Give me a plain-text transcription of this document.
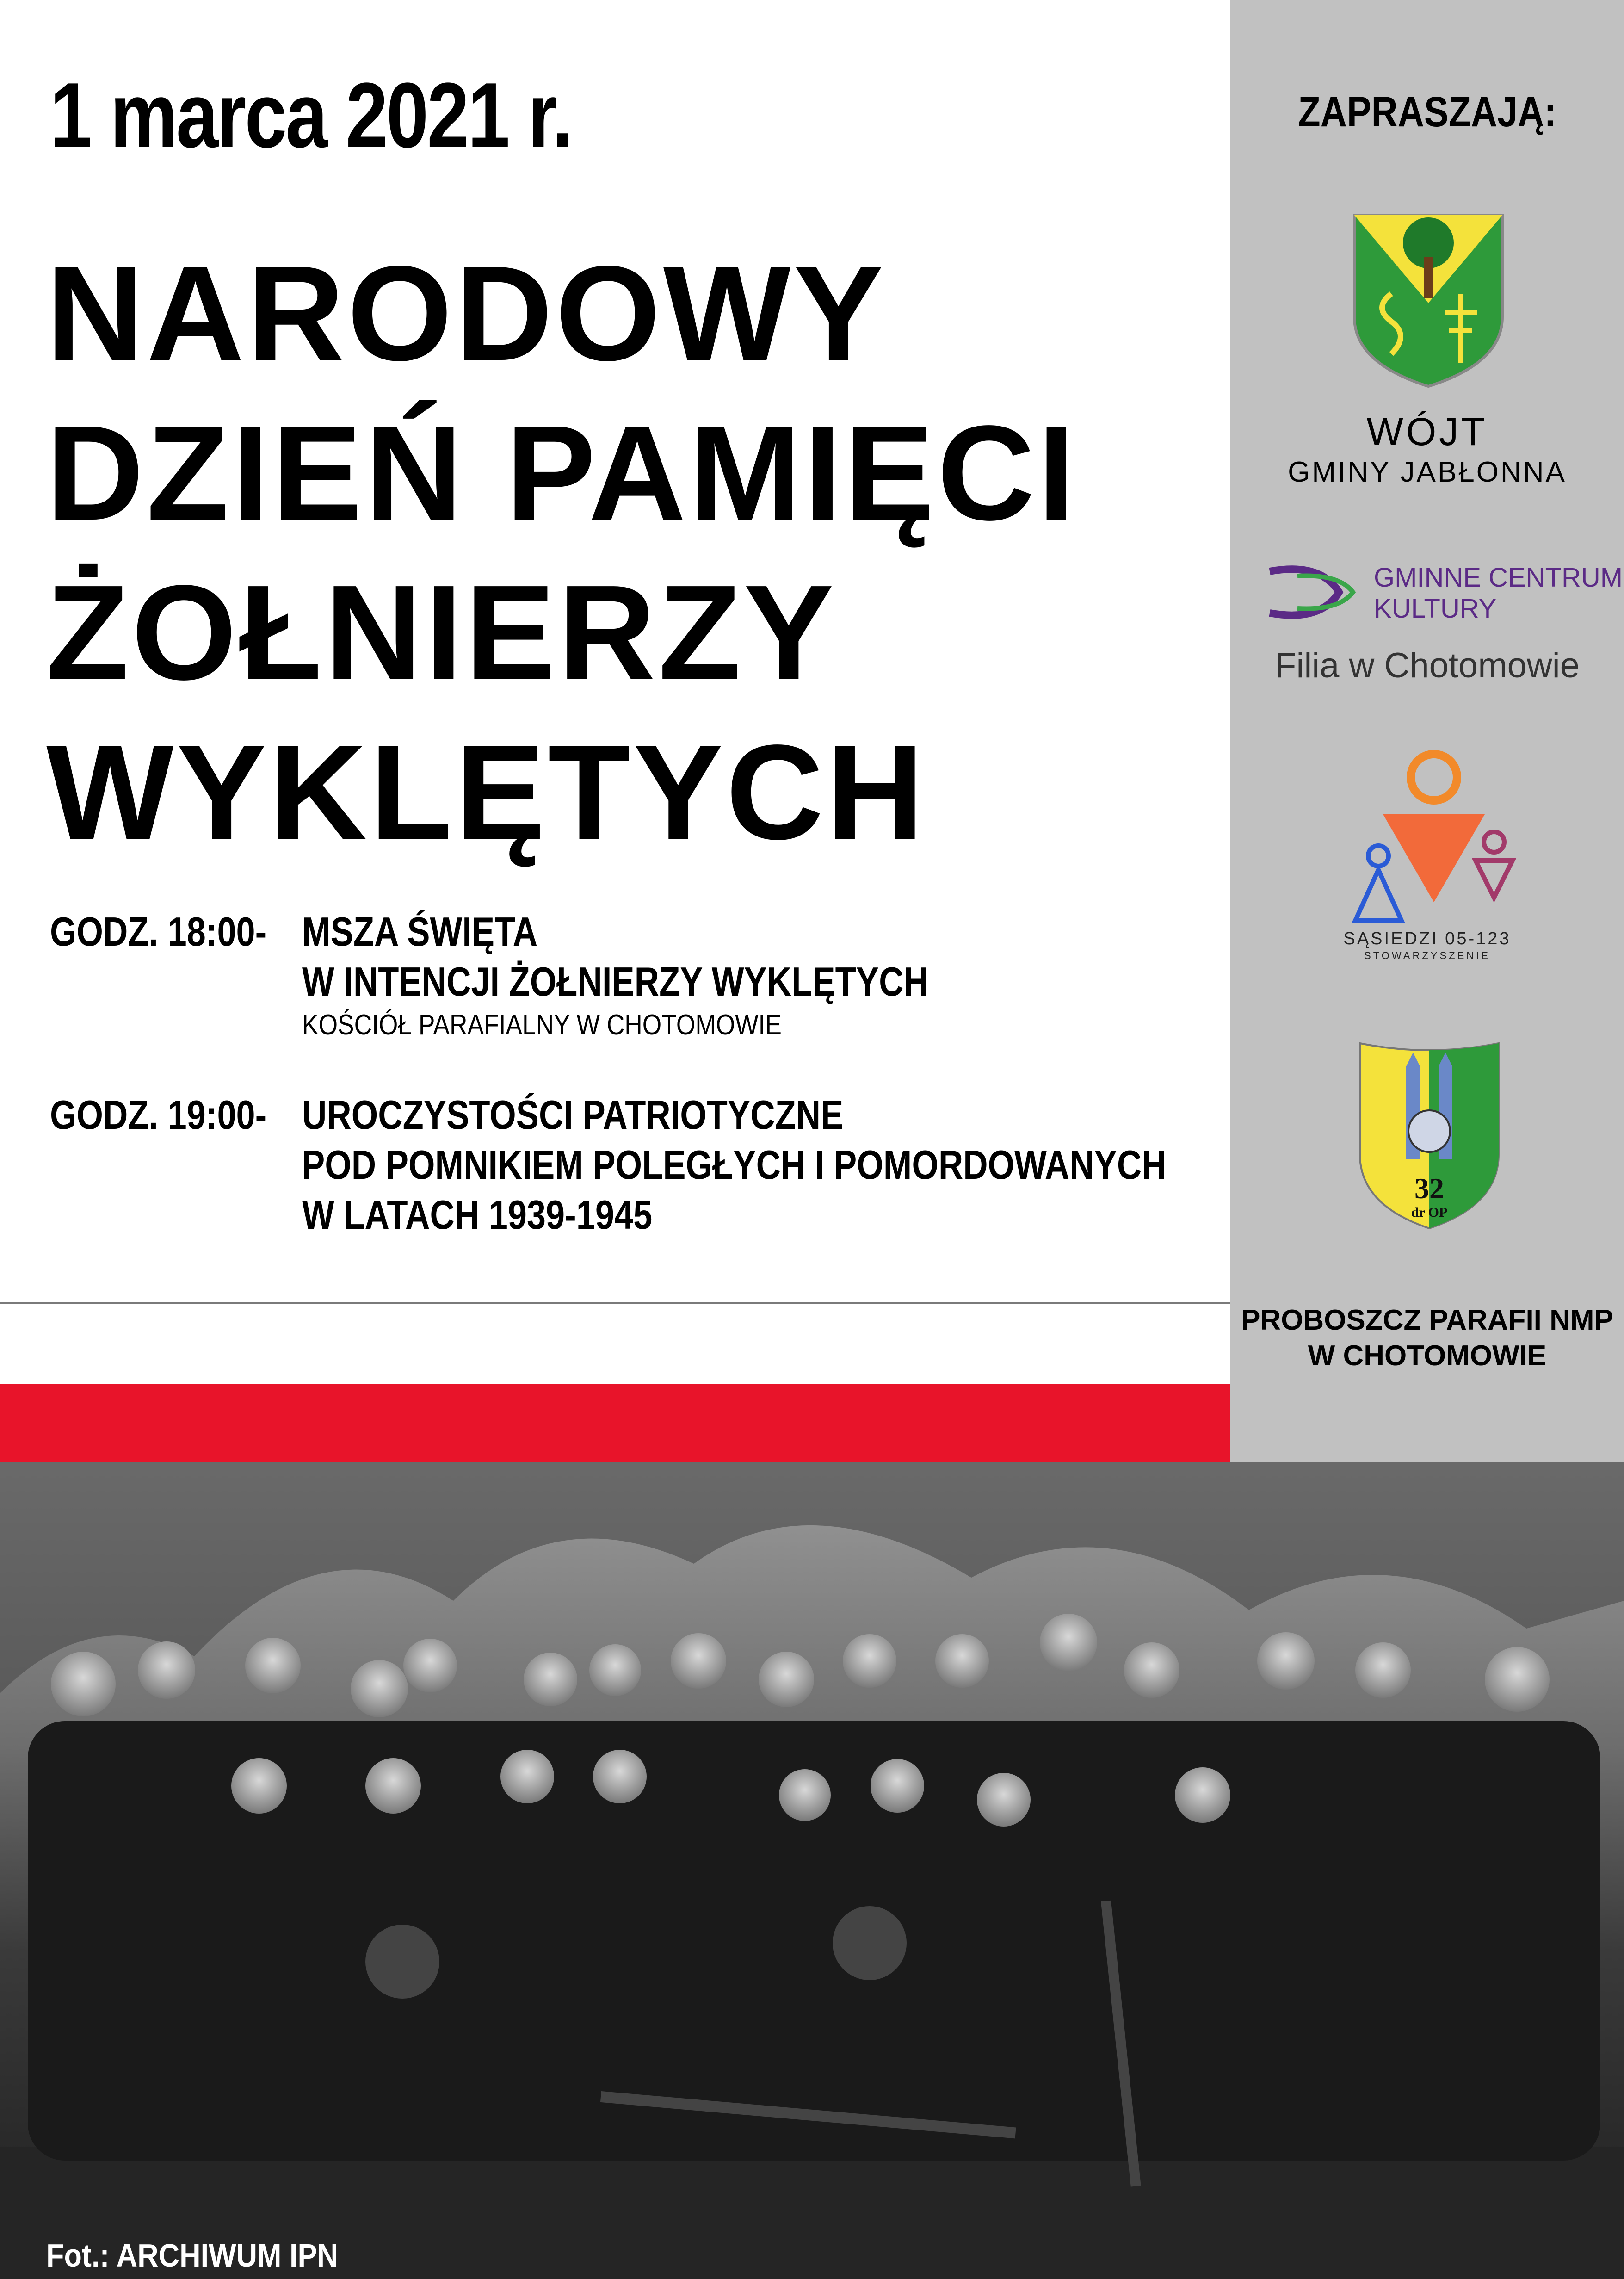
1 marca 2021 r.
NARODOWY
DZIEŃ PAMIĘCI
ŻOŁNIERZY
WYKLĘTYCH
GODZ. 18:00- MSZA ŚWIĘTA
W INTENCJI ŻOŁNIERZY WYKLĘTYCH
KOŚCIÓŁ PARAFIALNY W CHOTOMOWIE
GODZ. 19:00- UROCZYSTOŚCI PATRIOTYCZNE
POD POMNIKIEM POLEGŁYCH I POMORDOWANYCH
W LATACH 1939-1945
ZAPRASZAJĄ:
WÓJT
GMINY JABŁONNA
GMINNE CENTRUM
KULTURY
Filia w Chotomowie
SĄSIEDZI 05-123
STOWARZYSZENIE
32
dr OP
PROBOSZCZ PARAFII NMP
W CHOTOMOWIE
Fot.: ARCHIWUM IPN
